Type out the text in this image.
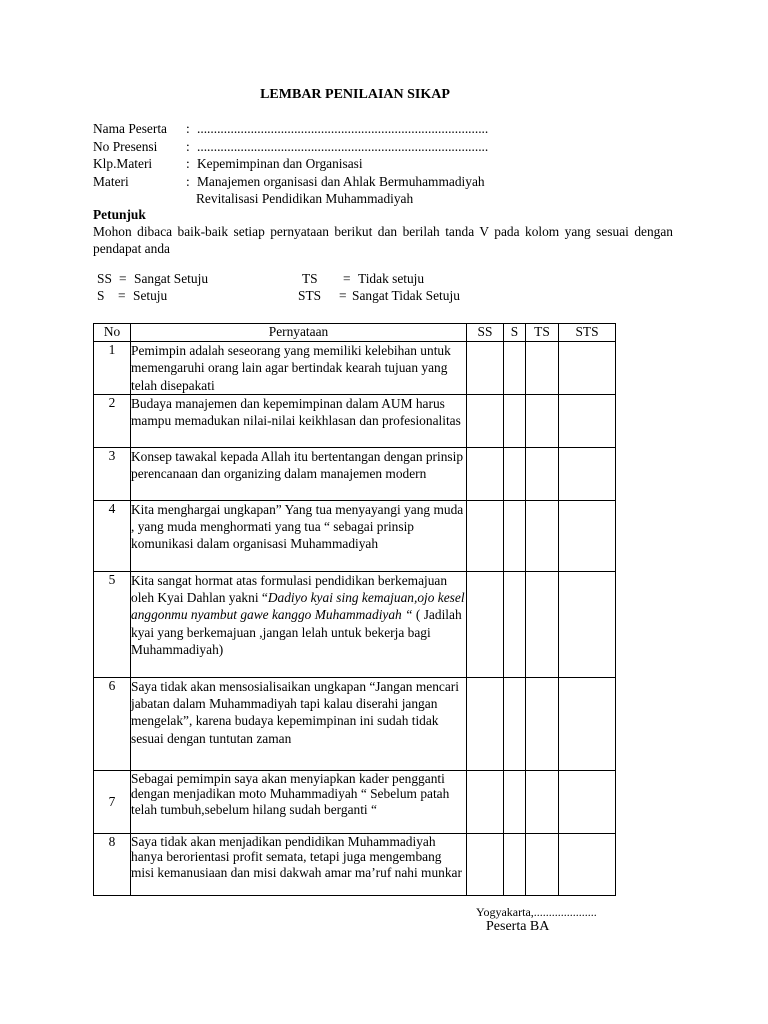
LEMBAR PENILAIAN SIKAP
Nama Peserta : .......................................................................................
No Presensi : .......................................................................................
Klp.Materi	: Kepemimpinan dan Organisasi
Materi	: Manajemen organisasi dan Ahlak Bermuhammadiyah
Revitalisasi Pendidikan Muhammadiyah
Petunjuk
Mohon dibaca baik-baik setiap pernyataan berikut dan berilah tanda V pada kolom yang sesuai dengan pendapat anda
SS = Sangat Setuju	TS = Tidak setuju
S = Setuju	STS = Sangat Tidak Setuju
No	Pernyataan	SS	S	TS	STS
1	Pemimpin adalah seseorang yang memiliki kelebihan untuk memengaruhi orang lain agar bertindak kearah tujuan yang telah disepakati				
2	Budaya manajemen dan kepemimpinan dalam AUM harus mampu memadukan nilai-nilai keikhlasan dan profesionalitas				
3	Konsep tawakal kepada Allah itu bertentangan dengan prinsip perencanaan dan organizing dalam manajemen modern				
4	Kita menghargai ungkapan” Yang tua menyayangi yang muda , yang muda menghormati yang tua “ sebagai prinsip komunikasi dalam organisasi Muhammadiyah				
5	Kita sangat hormat atas formulasi pendidikan berkemajuan oleh Kyai Dahlan yakni “Dadiyo kyai sing kemajuan,ojo kesel anggonmu nyambut gawe kanggo Muhammadiyah “ ( Jadilah kyai yang berkemajuan ,jangan lelah untuk bekerja bagi Muhammadiyah)				
6	Saya tidak akan mensosialisaikan ungkapan “Jangan mencari jabatan dalam Muhammadiyah tapi kalau diserahi jangan mengelak”, karena budaya kepemimpinan ini sudah tidak sesuai dengan tuntutan zaman				
7	Sebagai pemimpin saya akan menyiapkan kader pengganti dengan menjadikan moto Muhammadiyah “ Sebelum patah telah tumbuh,sebelum hilang sudah berganti “				
8	Saya tidak akan menjadikan pendidikan Muhammadiyah hanya berorientasi profit semata, tetapi juga mengembang misi kemanusiaan dan misi dakwah amar ma’ruf nahi munkar				
Yogyakarta,.....................
Peserta BA
